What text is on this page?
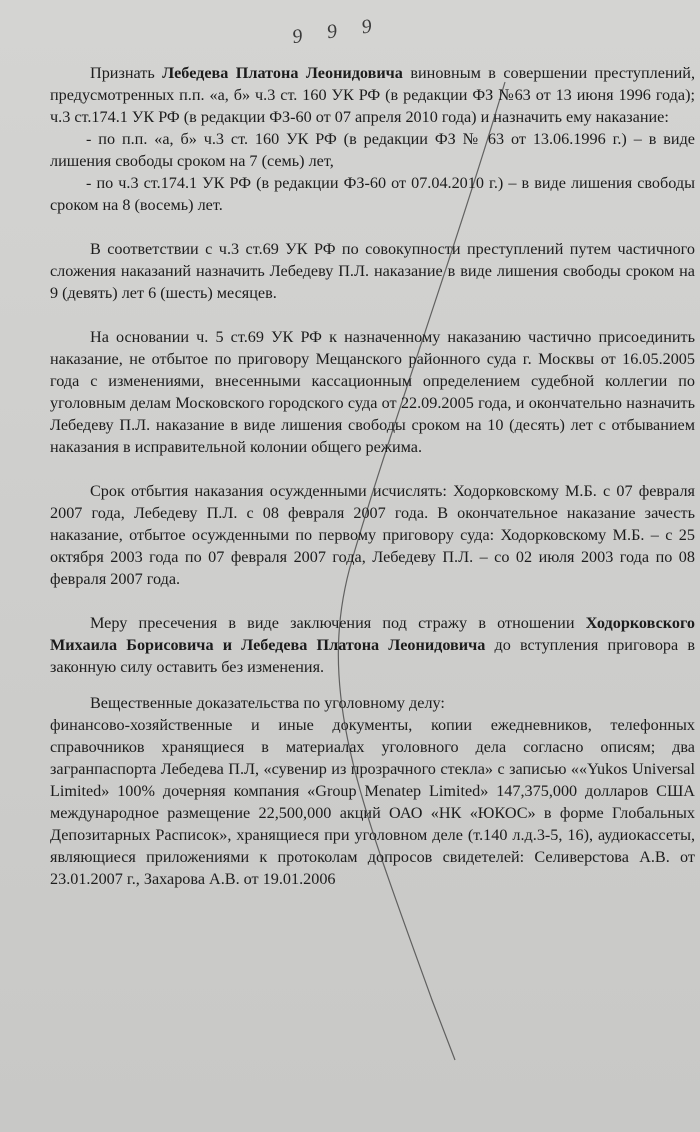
9 9 9

Признать Лебедева Платона Леонидовича виновным в совершении преступлений, предусмотренных п.п. «а, б» ч.3 ст. 160 УК РФ (в редакции ФЗ №63 от 13 июня 1996 года); ч.3 ст.174.1 УК РФ (в редакции ФЗ-60 от 07 апреля 2010 года) и назначить ему наказание:

- по п.п. «а, б» ч.3 ст. 160 УК РФ (в редакции ФЗ № 63 от 13.06.1996 г.) – в виде лишения свободы сроком на 7 (семь) лет,

- по ч.3 ст.174.1 УК РФ (в редакции ФЗ-60 от 07.04.2010 г.) – в виде лишения свободы сроком на 8 (восемь) лет.

В соответствии с ч.3 ст.69 УК РФ по совокупности преступлений путем частичного сложения наказаний назначить Лебедеву П.Л. наказание в виде лишения свободы сроком на 9 (девять) лет 6 (шесть) месяцев.

На основании ч. 5 ст.69 УК РФ к назначенному наказанию частично присоединить наказание, не отбытое по приговору Мещанского районного суда г. Москвы от 16.05.2005 года с изменениями, внесенными кассационным определением судебной коллегии по уголовным делам Московского городского суда от 22.09.2005 года, и окончательно назначить Лебедеву П.Л. наказание в виде лишения свободы сроком на 10 (десять) лет с отбыванием наказания в исправительной колонии общего режима.

Срок отбытия наказания осужденными исчислять: Ходорковскому М.Б. с 07 февраля 2007 года, Лебедеву П.Л. с 08 февраля 2007 года. В окончательное наказание зачесть наказание, отбытое осужденными по первому приговору суда: Ходорковскому М.Б. – с 25 октября 2003 года по 07 февраля 2007 года, Лебедеву П.Л. – со 02 июля 2003 года по 08 февраля 2007 года.

Меру пресечения в виде заключения под стражу в отношении Ходорковского Михаила Борисовича и Лебедева Платона Леонидовича до вступления приговора в законную силу оставить без изменения.

Вещественные доказательства по уголовному делу:

финансово-хозяйственные и иные документы, копии ежедневников, телефонных справочников хранящиеся в материалах уголовного дела согласно описям; два загранпаспорта Лебедева П.Л, «сувенир из прозрачного стекла» с записью ««Yukos Universal Limited» 100% дочерняя компания «Group Menatep Limited» 147,375,000 долларов США международное размещение 22,500,000 акций ОАО «НК «ЮКОС» в форме Глобальных Депозитарных Расписок», хранящиеся при уголовном деле (т.140 л.д.3-5, 16), аудиокассеты, являющиеся приложениями к протоколам допросов свидетелей: Селиверстова А.В. от 23.01.2007 г., Захарова А.В. от 19.01.2006
